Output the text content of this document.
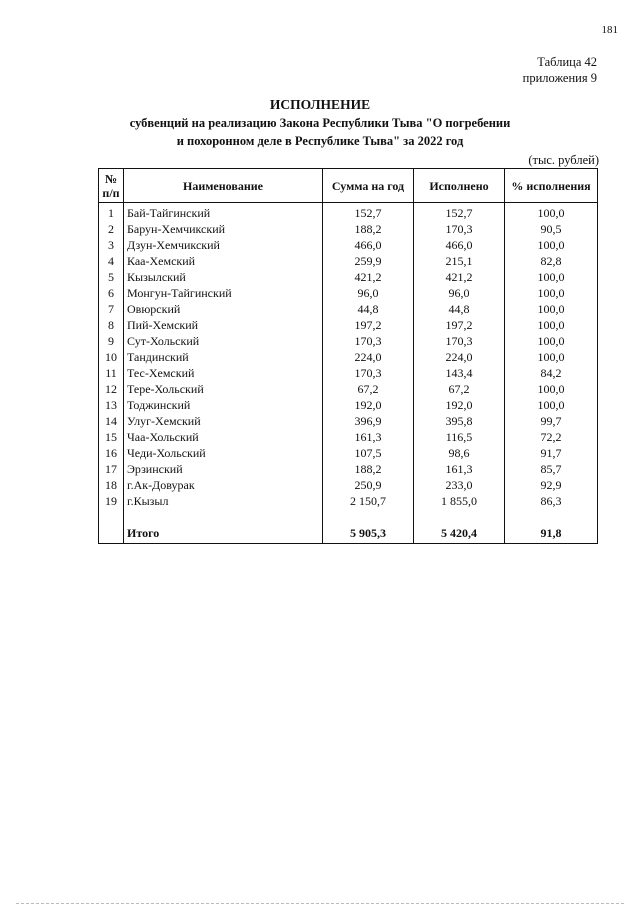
181
Таблица 42
приложения 9
ИСПОЛНЕНИЕ
субвенций на реализацию Закона Республики Тыва "О погребении
и похоронном деле в Республике Тыва" за 2022 год
(тыс. рублей)
№ п/п	Наименование	Сумма на год	Исполнено	% исполнения
1	Бай-Тайгинский	152,7	152,7	100,0
2	Барун-Хемчикский	188,2	170,3	90,5
3	Дзун-Хемчикский	466,0	466,0	100,0
4	Каа-Хемский	259,9	215,1	82,8
5	Кызылский	421,2	421,2	100,0
6	Монгун-Тайгинский	96,0	96,0	100,0
7	Овюрский	44,8	44,8	100,0
8	Пий-Хемский	197,2	197,2	100,0
9	Сут-Хольский	170,3	170,3	100,0
10	Тандинский	224,0	224,0	100,0
11	Тес-Хемский	170,3	143,4	84,2
12	Тере-Хольский	67,2	67,2	100,0
13	Тоджинский	192,0	192,0	100,0
14	Улуг-Хемский	396,9	395,8	99,7
15	Чаа-Хольский	161,3	116,5	72,2
16	Чеди-Хольский	107,5	98,6	91,7
17	Эрзинский	188,2	161,3	85,7
18	г.Ак-Довурак	250,9	233,0	92,9
19	г.Кызыл	2 150,7	1 855,0	86,3

	Итого	5 905,3	5 420,4	91,8
